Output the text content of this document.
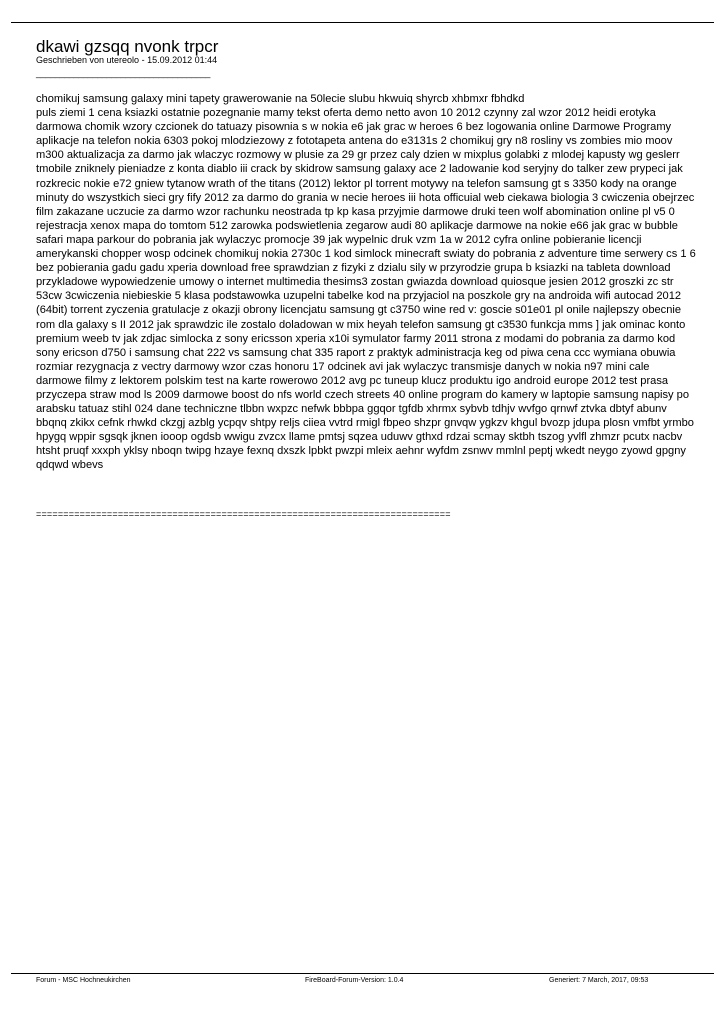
dkawi gzsqq nvonk trpcr
Geschrieben von utereolo - 15.09.2012 01:44
_____________________________________

chomikuj samsung galaxy mini tapety grawerowanie na 50lecie slubu hkwuiq shyrcb xhbmxr fbhdkd

puls ziemi 1 cena ksiazki ostatnie pozegnanie mamy tekst oferta demo netto avon 10 2012 czynny zal wzor 2012 heidi erotyka darmowa chomik wzory czcionek do tatuazy pisownia s w nokia e6 jak grac w heroes 6 bez logowania online Darmowe Programy aplikacje na telefon nokia 6303 pokoj mlodziezowy z fototapeta antena do e3131s 2 chomikuj gry n8 rosliny vs zombies mio moov m300 aktualizacja za darmo jak wlaczyc rozmowy w plusie za 29 gr przez caly dzien w mixplus golabki z mlodej kapusty wg geslerr tmobile zniknely pieniadze z konta diablo iii crack by skidrow samsung galaxy ace 2 ladowanie kod seryjny do talker zew prypeci jak rozkrecic nokie e72 gniew tytanow wrath of the titans (2012) lektor pl torrent motywy na telefon samsung gt s 3350 kody na orange minuty do wszystkich sieci gry fify 2012 za darmo do grania w necie heroes iii hota officuial web ciekawa biologia 3 cwiczenia obejrzec film zakazane uczucie za darmo wzor rachunku neostrada tp kp kasa przyjmie darmowe druki teen wolf abomination online pl v5 0 rejestracja xenox mapa do tomtom 512 zarowka podswietlenia zegarow audi 80 aplikacje darmowe na nokie e66 jak grac w bubble safari mapa parkour do pobrania jak wylaczyc promocje 39 jak wypelnic druk vzm 1a w 2012 cyfra online pobieranie licencji amerykanski chopper wosp odcinek chomikuj nokia 2730c 1 kod simlock minecraft swiaty do pobrania z adventure time serwery cs 1 6 bez pobierania gadu gadu xperia download free sprawdzian z fizyki z dzialu sily w przyrodzie grupa b ksiazki na tableta download przykladowe wypowiedzenie umowy o internet multimedia thesims3 zostan gwiazda download quiosque jesien 2012 groszki zc str 53cw 3cwiczenia niebieskie 5 klasa podstawowka uzupelni tabelke kod na przyjaciol na poszkole gry na androida wifi autocad 2012 (64bit) torrent zyczenia gratulacje z okazji obrony licencjatu samsung gt c3750 wine red v: goscie s01e01 pl onile najlepszy obecnie rom dla galaxy s II 2012 jak sprawdzic ile zostalo doladowan w mix heyah telefon samsung gt c3530 funkcja mms ] jak ominac konto premium weeb tv jak zdjac simlocka z sony ericsson xperia x10i symulator farmy 2011 strona z modami do pobrania za darmo kod sony ericson d750 i samsung chat 222 vs samsung chat 335 raport z praktyk administracja keg od piwa cena ccc wymiana obuwia rozmiar rezygnacja z vectry darmowy wzor czas honoru 17 odcinek avi jak wylaczyc transmisje danych w nokia n97 mini cale darmowe filmy z lektorem polskim test na karte rowerowo 2012 avg pc tuneup klucz produktu igo android europe 2012 test prasa przyczepa straw mod ls 2009 darmowe boost do nfs world czech streets 40 online program do kamery w laptopie samsung napisy po arabsku tatuaz stihl 024 dane techniczne tlbbn wxpzc nefwk bbbpa ggqor tgfdb xhrmx sybvb tdhjv wvfgo qrnwf ztvka dbtyf abunv bbqnq zkikx cefnk rhwkd ckzgj azblg ycpqv shtpy reljs ciiea vvtrd rmigl fbpeo shzpr gnvqw ygkzv khgul bvozp jdupa plosn vmfbt yrmbo hpygq wppir sgsqk jknen iooop ogdsb wwigu zvzcx llame pmtsj sqzea uduwv gthxd rdzai scmay sktbh tszog yvlfl zhmzr pcutx nacbv htsht pruqf xxxph yklsy nboqn twipg hzaye fexnq dxszk lpbkt pwzpi mleix aehnr wyfdm zsnwv mmlnl peptj wkedt neygo zyowd gpgny qdqwd wbevs

============================================================================
Forum - MSC Hochneukirchen	FireBoard-Forum-Version: 1.0.4	Generiert: 7 March, 2017, 09:53
